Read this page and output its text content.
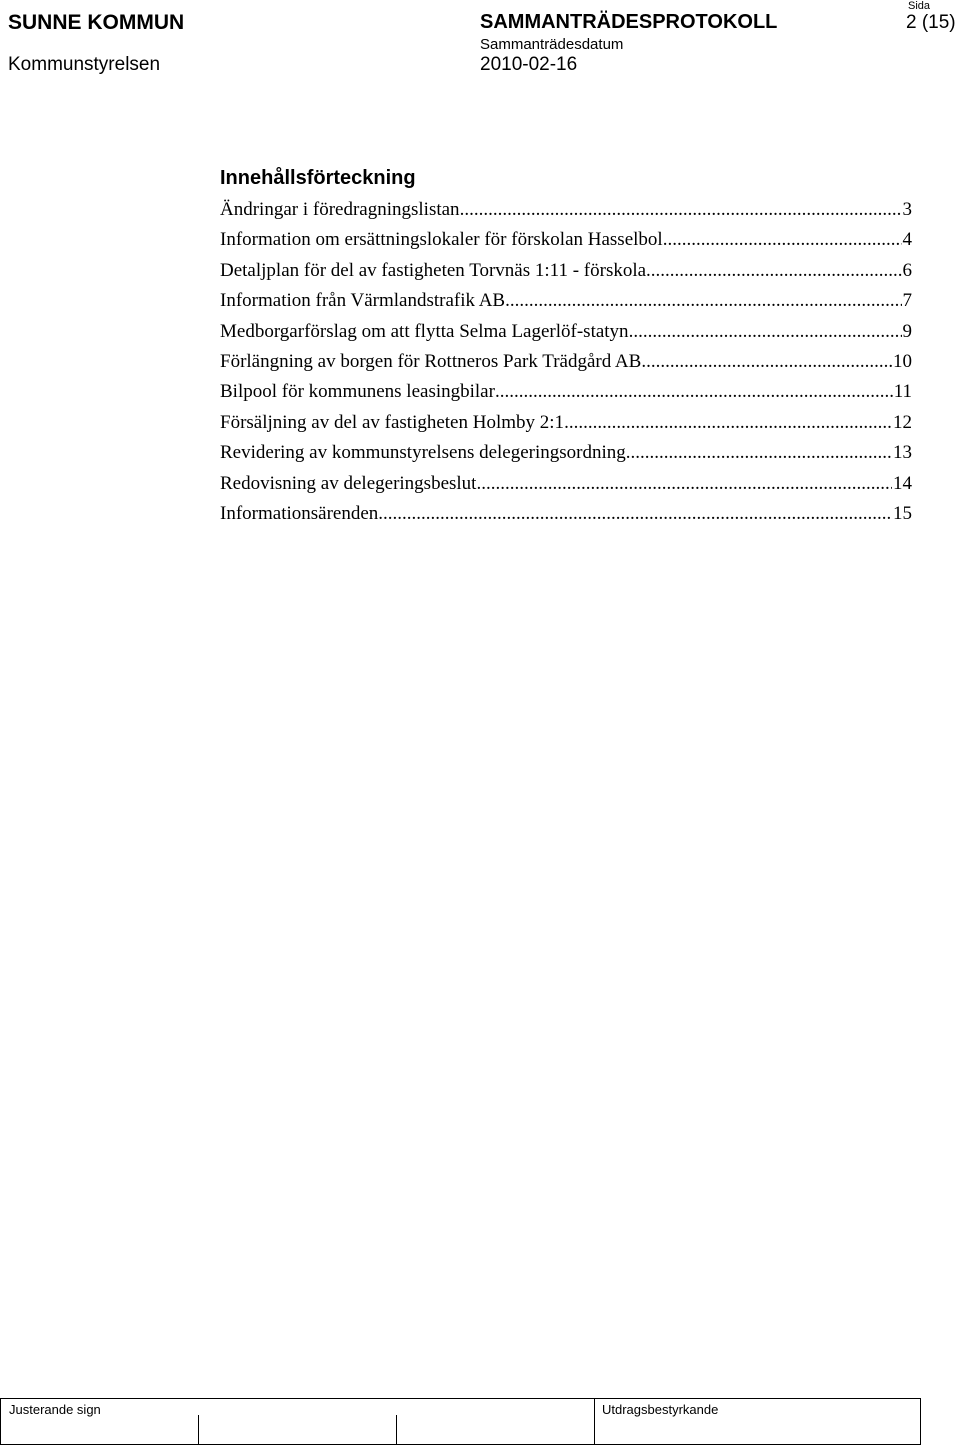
SUNNE KOMMUN
Kommunstyrelsen
SAMMANTRÄDESPROTOKOLL
Sammanträdesdatum
2010-02-16
Sida
2 (15)
Innehållsförteckning
Ändringar i föredragningslistan .....	3
Information om ersättningslokaler för förskolan Hasselbol .....	4
Detaljplan för del av fastigheten Torvnäs 1:11 - förskola .....	6
Information från Värmlandstrafik AB .....	7
Medborgarförslag om att flytta Selma Lagerlöf-statyn .....	9
Förlängning av borgen för Rottneros Park Trädgård AB .....	10
Bilpool för kommunens leasingbilar .....	11
Försäljning av del av fastigheten Holmby 2:1 .....	12
Revidering av kommunstyrelsens delegeringsordning .....	13
Redovisning av delegeringsbeslut .....	14
Informationsärenden .....	15
Justerande sign	Utdragsbestyrkande
